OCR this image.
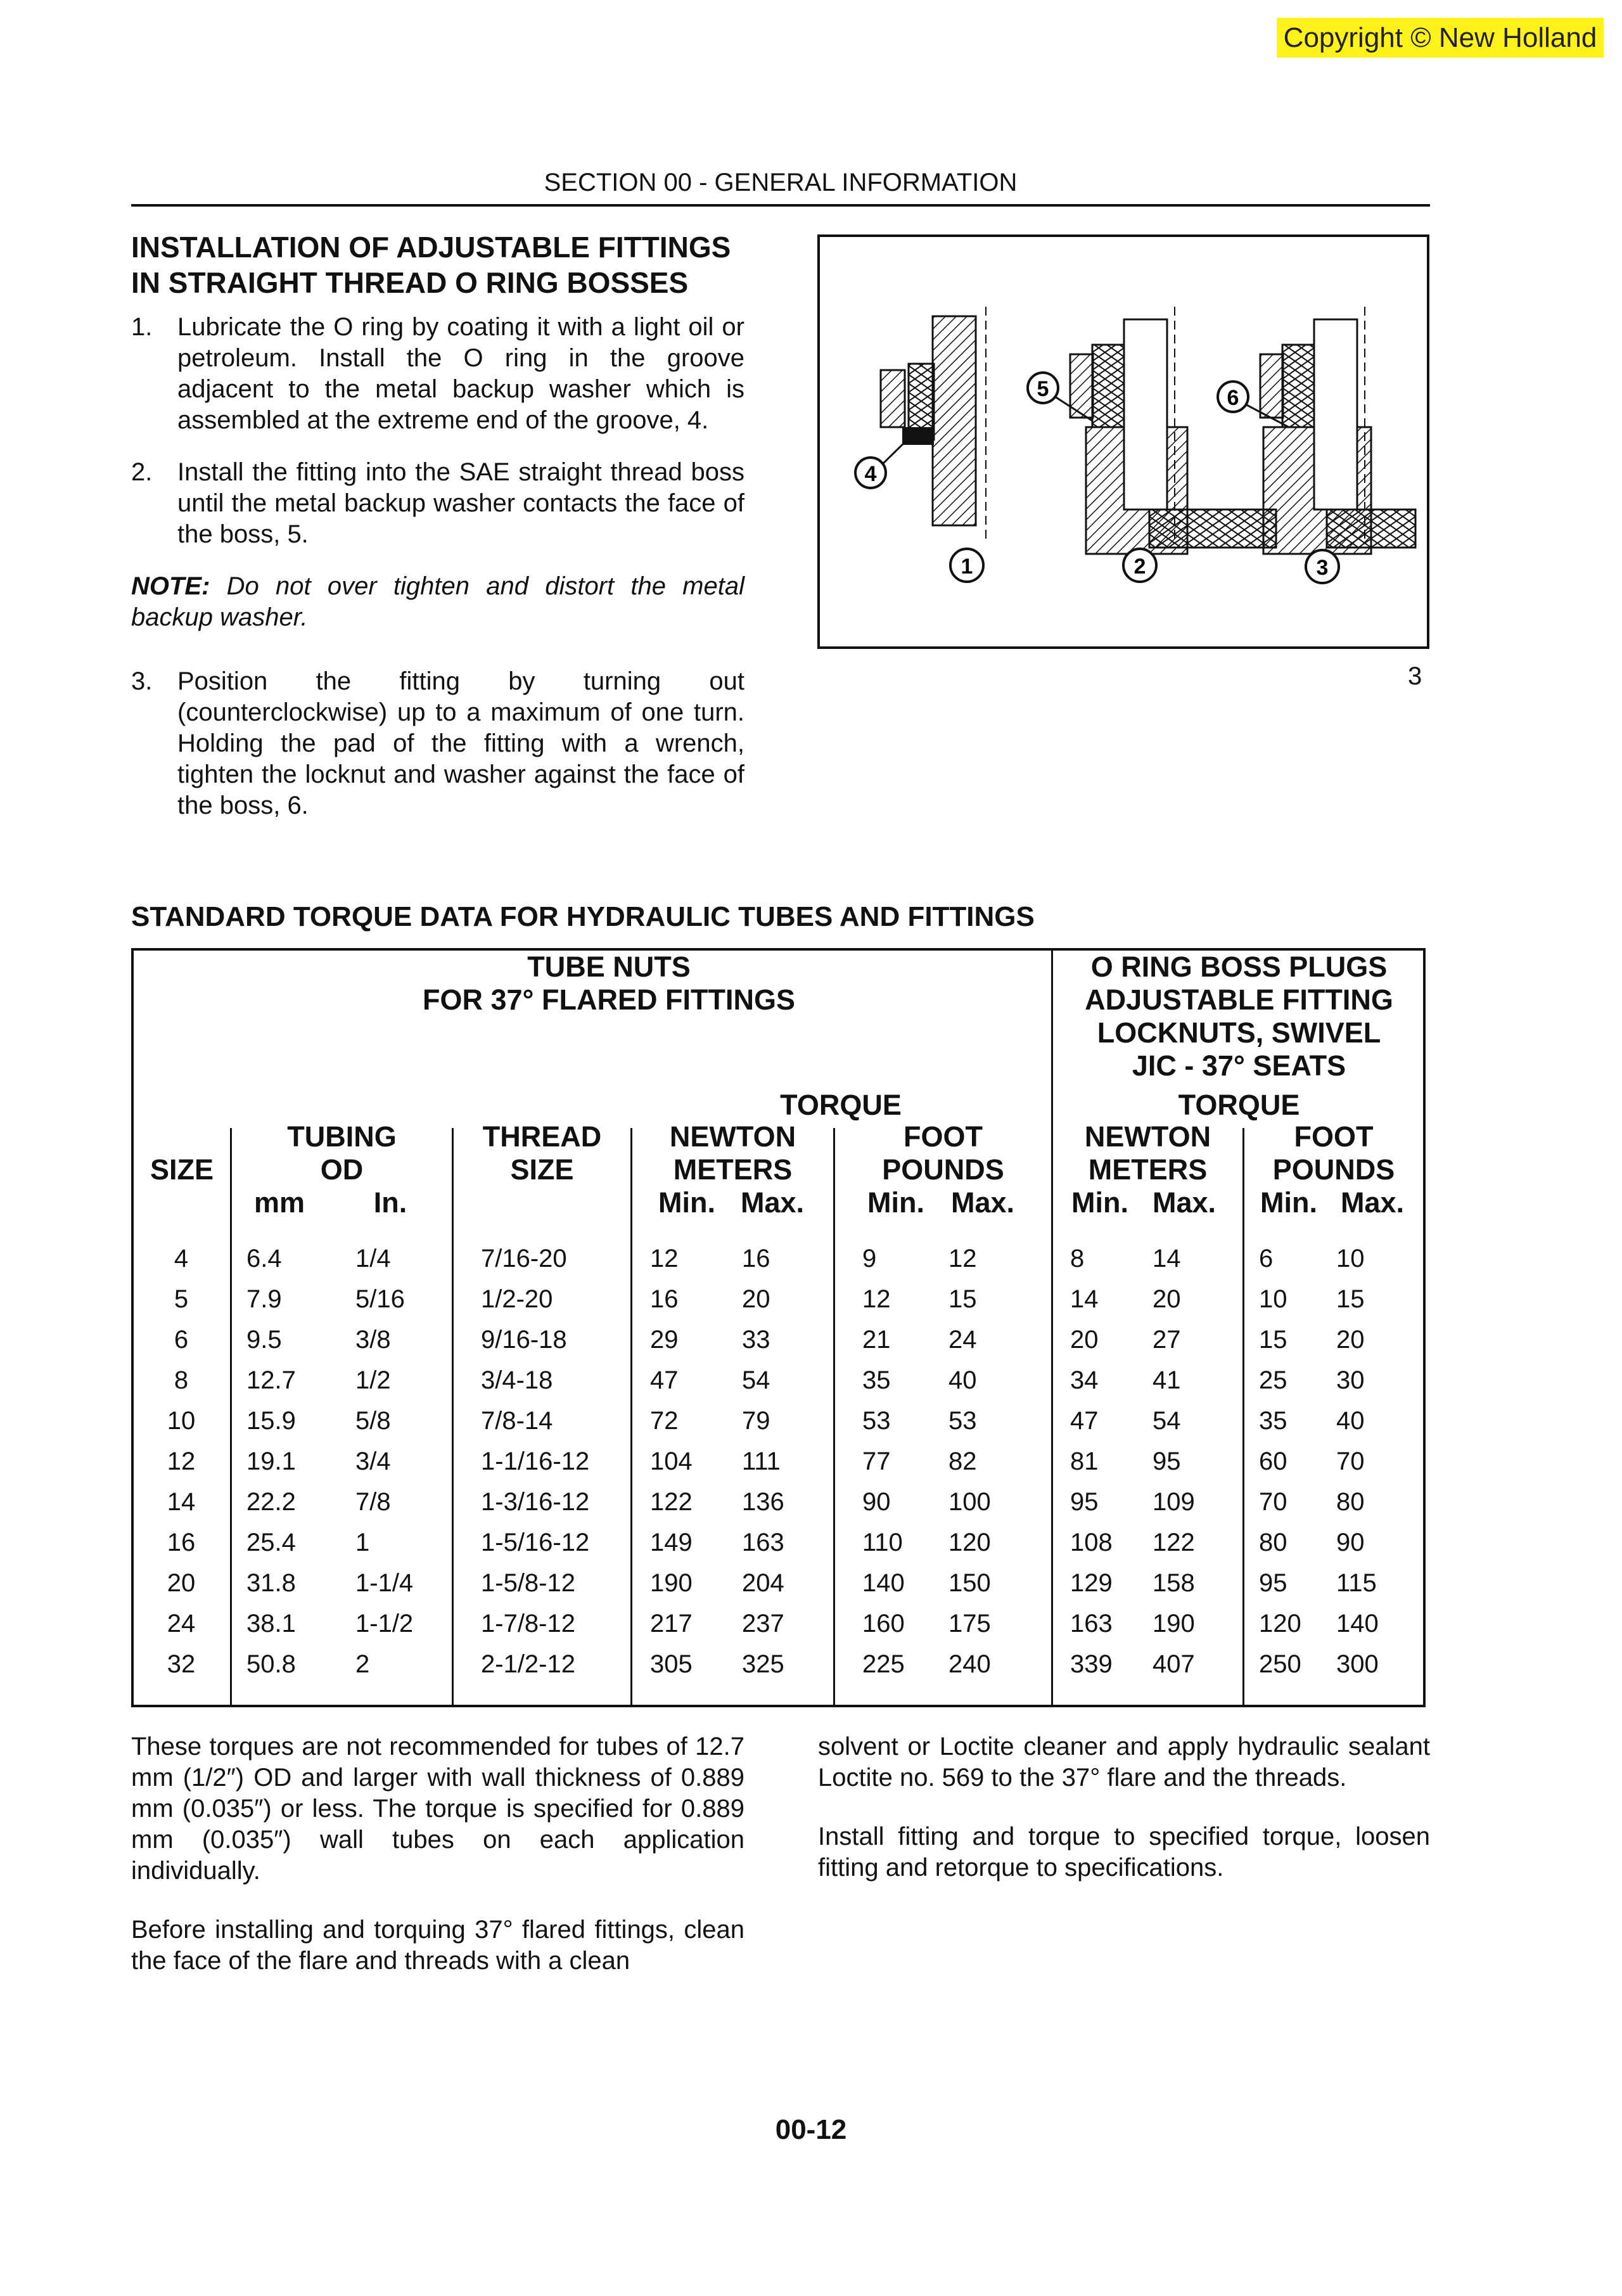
Copyright © New Holland
SECTION 00 - GENERAL INFORMATION
INSTALLATION OF ADJUSTABLE FITTINGS IN STRAIGHT THREAD O RING BOSSES
1. Lubricate the O ring by coating it with a light oil or petroleum. Install the O ring in the groove adjacent to the metal backup washer which is assembled at the extreme end of the groove, 4.
2. Install the fitting into the SAE straight thread boss until the metal backup washer contacts the face of the boss, 5.

NOTE: Do not over tighten and distort the metal backup washer.

3. Position the fitting by turning out (counterclockwise) up to a maximum of one turn. Holding the pad of the fitting with a wrench, tighten the locknut and washer against the face of the boss, 6.
4
5	6
1	2	3
3
STANDARD TORQUE DATA FOR HYDRAULIC TUBES AND FITTINGS
TUBE NUTS
FOR 37° FLARED FITTINGS
O RING BOSS PLUGS
ADJUSTABLE FITTING
LOCKNUTS, SWIVEL
JIC - 37° SEATS
TORQUE	TORQUE
SIZE
TUBING
OD
mm	In.
THREAD
SIZE
NEWTON
METERS
FOOT
POUNDS
NEWTON
METERS
FOOT
POUNDS
Min. Max. Min. Max. Min. Max. Min. Max.
4	6.4	1/4	7/16-20	12	16	9	12	8	14	6	10
5	7.9	5/16	1/2-20	16	20	12	15	14	20	10	15
6	9.5	3/8	9/16-18	29	33	21	24	20	27	15	20
8	12.7	1/2	3/4-18	47	54	35	40	34	41	25	30
10	15.9	5/8	7/8-14	72	79	53	53	47	54	35	40
12	19.1	3/4	1-1/16-12	104	111	77	82	81	95	60	70
14	22.2	7/8	1-3/16-12	122	136	90	100	95	109	70	80
16	25.4	1	1-5/16-12	149	163	110	120	108	122	80	90
20	31.8	1-1/4	1-5/8-12	190	204	140	150	129	158	95	115
24	38.1	1-1/2	1-7/8-12	217	237	160	175	163	190	120	140
32	50.8	2	2-1/2-12	305	325	225	240	339	407	250	300

These torques are not recommended for tubes of 12.7 mm (1/2″) OD and larger with wall thickness of 0.889 mm (0.035″) or less. The torque is specified for 0.889 mm (0.035″) wall tubes on each application individually.

Before installing and torquing 37° flared fittings, clean the face of the flare and threads with a clean

solvent or Loctite cleaner and apply hydraulic sealant Loctite no. 569 to the 37° flare and the threads.

Install fitting and torque to specified torque, loosen fitting and retorque to specifications.

00-12
